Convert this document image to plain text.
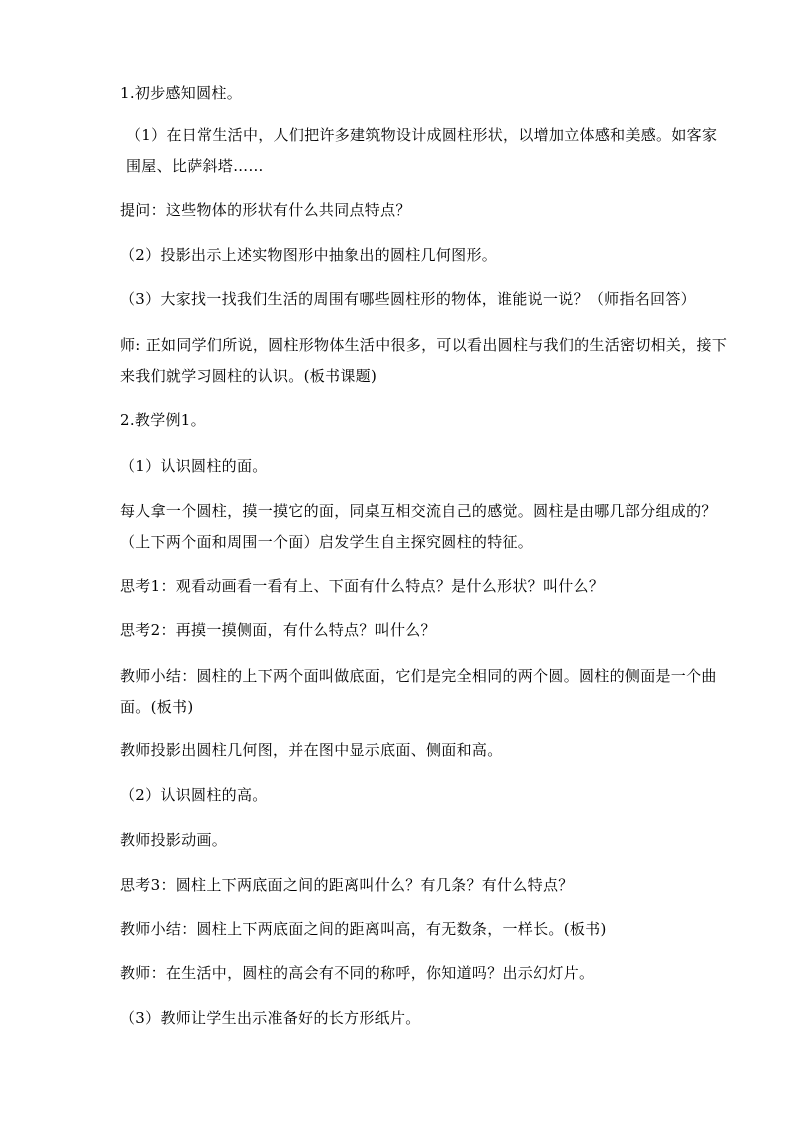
1.初步感知圆柱。
（1）在日常生活中，人们把许多建筑物设计成圆柱形状，以增加立体感和美感。如客家围屋、比萨斜塔……
提问：这些物体的形状有什么共同点特点？
（2）投影出示上述实物图形中抽象出的圆柱几何图形。
（3）大家找一找我们生活的周围有哪些圆柱形的物体，谁能说一说？（师指名回答）
师: 正如同学们所说，圆柱形物体生活中很多，可以看出圆柱与我们的生活密切相关，接下来我们就学习圆柱的认识。(板书课题)
2.教学例1。
（1）认识圆柱的面。
每人拿一个圆柱，摸一摸它的面，同桌互相交流自己的感觉。圆柱是由哪几部分组成的？（上下两个面和周围一个面）启发学生自主探究圆柱的特征。
思考1：观看动画看一看有上、下面有什么特点？是什么形状？叫什么？
思考2：再摸一摸侧面，有什么特点？叫什么？
教师小结：圆柱的上下两个面叫做底面，它们是完全相同的两个圆。圆柱的侧面是一个曲面。(板书)
教师投影出圆柱几何图，并在图中显示底面、侧面和高。
（2）认识圆柱的高。
教师投影动画。
思考3：圆柱上下两底面之间的距离叫什么？有几条？有什么特点？
教师小结：圆柱上下两底面之间的距离叫高，有无数条，一样长。(板书)
教师：在生活中，圆柱的高会有不同的称呼，你知道吗？出示幻灯片。
（3）教师让学生出示准备好的长方形纸片。
